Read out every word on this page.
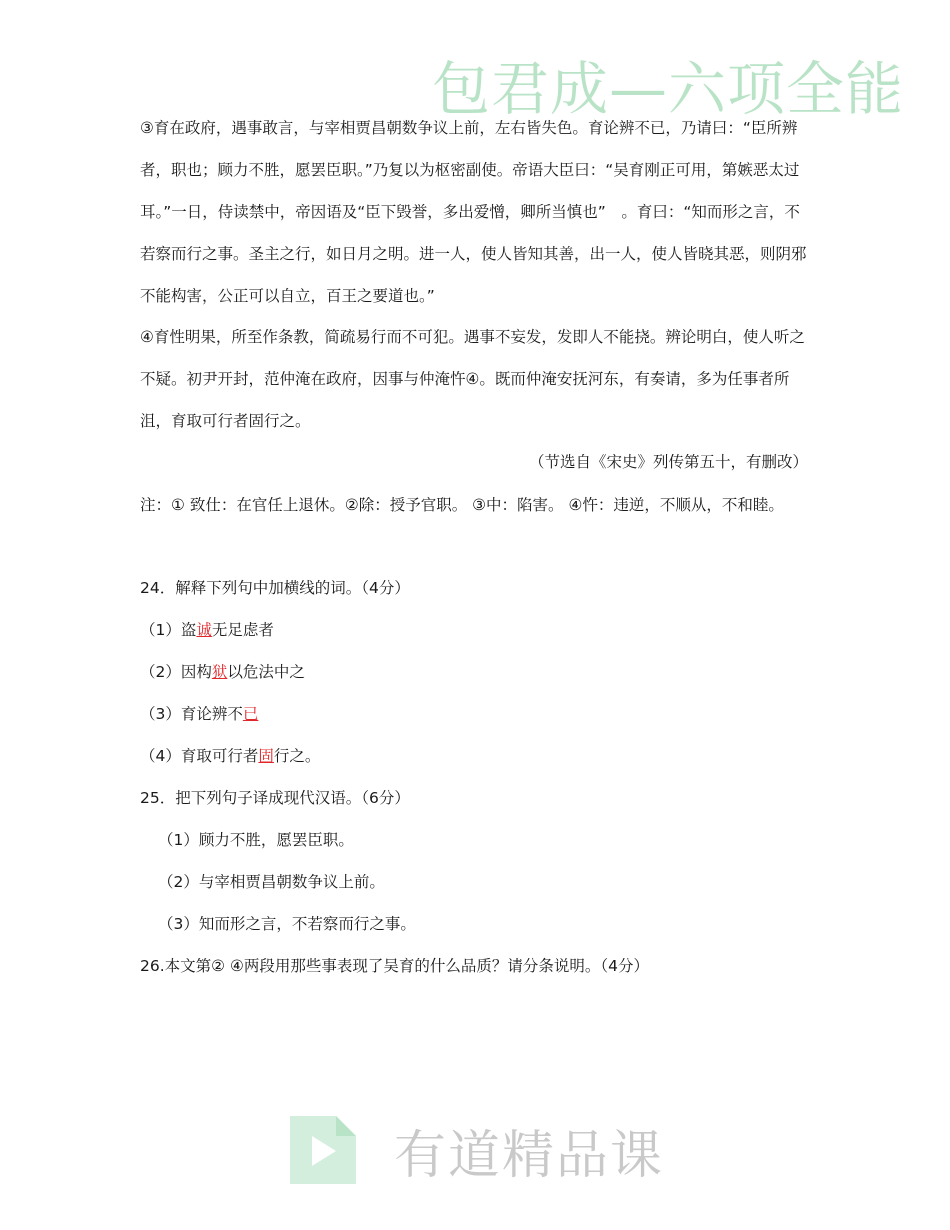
包君成—六项全能

③育在政府，遇事敢言，与宰相贾昌朝数争议上前，左右皆失色。育论辨不已，乃请曰：“臣所辨者，职也；顾力不胜，愿罢臣职。”乃复以为枢密副使。帝语大臣曰：“吴育刚正可用，第嫉恶太过耳。”一日，侍读禁中，帝因语及“臣下毁誉，多出爱憎，卿所当慎也”　。育曰：“知而形之言，不若察而行之事。圣主之行，如日月之明。进一人，使人皆知其善，出一人，使人皆晓其恶，则阴邪不能构害，公正可以自立，百王之要道也。”

④育性明果，所至作条教，简疏易行而不可犯。遇事不妄发，发即人不能挠。辨论明白，使人听之不疑。初尹开封，范仲淹在政府，因事与仲淹忤④。既而仲淹安抚河东，有奏请，多为任事者所沮，育取可行者固行之。

（节选自《宋史》列传第五十，有删改）

注：① 致仕：在官任上退休。②除：授予官职。 ③中：陷害。 ④忤：违逆，不顺从，不和睦。

24．解释下列句中加横线的词。（4分）

（1）盗诚无足虑者

（2）因构狱以危法中之

（3）育论辨不已

（4）育取可行者固行之。

25．把下列句子译成现代汉语。（6分）

（1）顾力不胜，愿罢臣职。

（2）与宰相贾昌朝数争议上前。

（3）知而形之言，不若察而行之事。

26.本文第② ④两段用那些事表现了吴育的什么品质？请分条说明。（4分）

有道精品课
